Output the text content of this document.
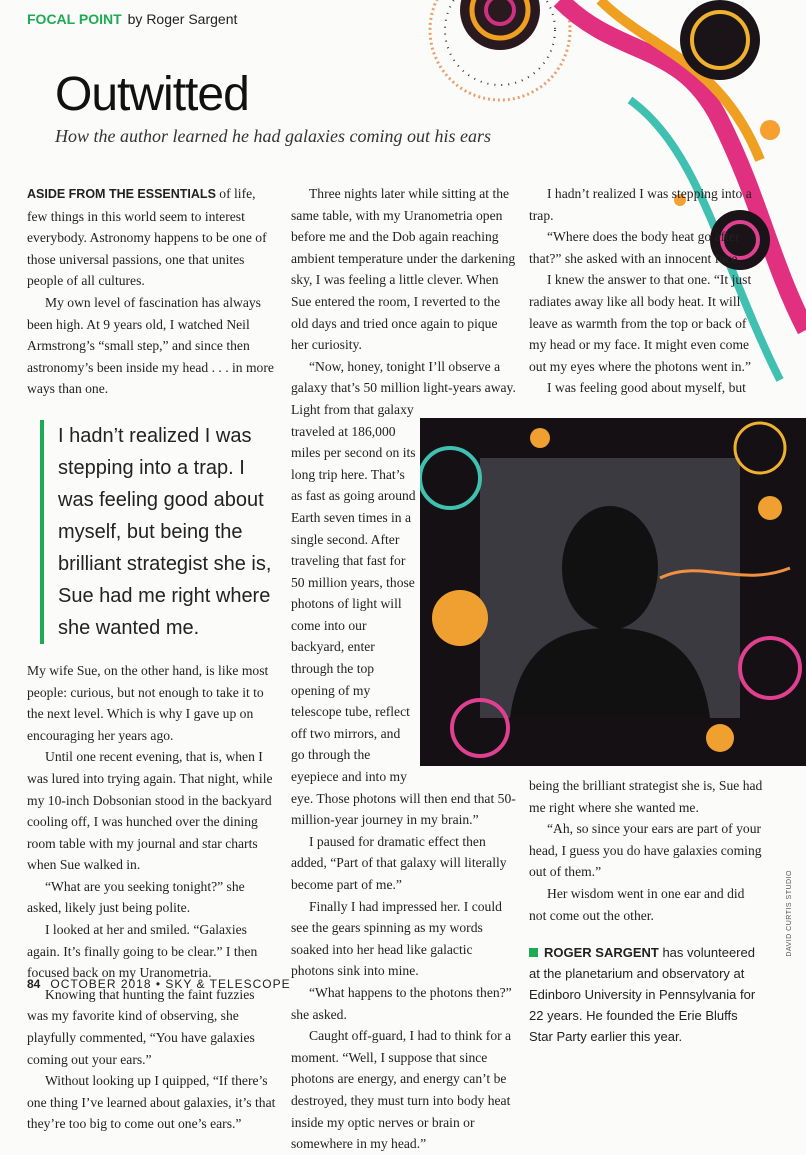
FOCAL POINT by Roger Sargent
Outwitted
How the author learned he had galaxies coming out his ears

ASIDE FROM THE ESSENTIALS of life, few things in this world seem to interest everybody. Astronomy happens to be one of those universal passions, one that unites people of all cultures.

My own level of fascination has always been high. At 9 years old, I watched Neil Armstrong’s “small step,” and since then astronomy’s been inside my head . . . in more ways than one.

I hadn’t realized I was stepping into a trap. I was feeling good about myself, but being the brilliant strategist she is, Sue had me right where she wanted me.

My wife Sue, on the other hand, is like most people: curious, but not enough to take it to the next level. Which is why I gave up on encouraging her years ago.

Until one recent evening, that is, when I was lured into trying again. That night, while my 10-inch Dobsonian stood in the backyard cooling off, I was hunched over the dining room table with my journal and star charts when Sue walked in.

“What are you seeking tonight?” she asked, likely just being polite.

I looked at her and smiled. “Galaxies again. It’s finally going to be clear.” I then focused back on my Uranometria.

Knowing that hunting the faint fuzzies was my favorite kind of observing, she playfully commented, “You have galaxies coming out your ears.”

Without looking up I quipped, “If there’s one thing I’ve learned about galaxies, it’s that they’re too big to come out one’s ears.”

Three nights later while sitting at the same table, with my Uranometria open before me and the Dob again reaching ambient temperature under the darkening sky, I was feeling a little clever. When Sue entered the room, I reverted to the old days and tried once again to pique her curiosity.

“Now, honey, tonight I’ll observe a galaxy that’s 50 million light-years away. Light from that galaxy traveled at 186,000 miles per second on its long trip here. That’s as fast as going around Earth seven times in a single second. After traveling that fast for 50 million years, those photons of light will come into our backyard, enter through the top opening of my telescope tube, reflect off two mirrors, and go through the eyepiece and into my eye. Those photons will then end that 50-million-year journey in my brain.”

I paused for dramatic effect then added, “Part of that galaxy will literally become part of me.”

Finally I had impressed her. I could see the gears spinning as my words soaked into her head like galactic photons sink into mine.

“What happens to the photons then?” she asked.

Caught off-guard, I had to think for a moment. “Well, I suppose that since photons are energy, and energy can’t be destroyed, they must turn into body heat inside my optic nerves or brain or somewhere in my head.”

I hadn’t realized I was stepping into a trap.

“Where does the body heat go after that?” she asked with an innocent face.

I knew the answer to that one. “It just radiates away like all body heat. It will leave as warmth from the top or back of my head or my face. It might even come out my eyes where the photons went in.”

I was feeling good about myself, but being the brilliant strategist she is, Sue had me right where she wanted me.

“Ah, so since your ears are part of your head, I guess you do have galaxies coming out of them.”

Her wisdom went in one ear and did not come out the other.

ROGER SARGENT has volunteered at the planetarium and observatory at Edinboro University in Pennsylvania for 22 years. He founded the Erie Bluffs Star Party earlier this year.
DAVID CURTIS STUDIO
84 OCTOBER 2018 • SKY & TELESCOPE
